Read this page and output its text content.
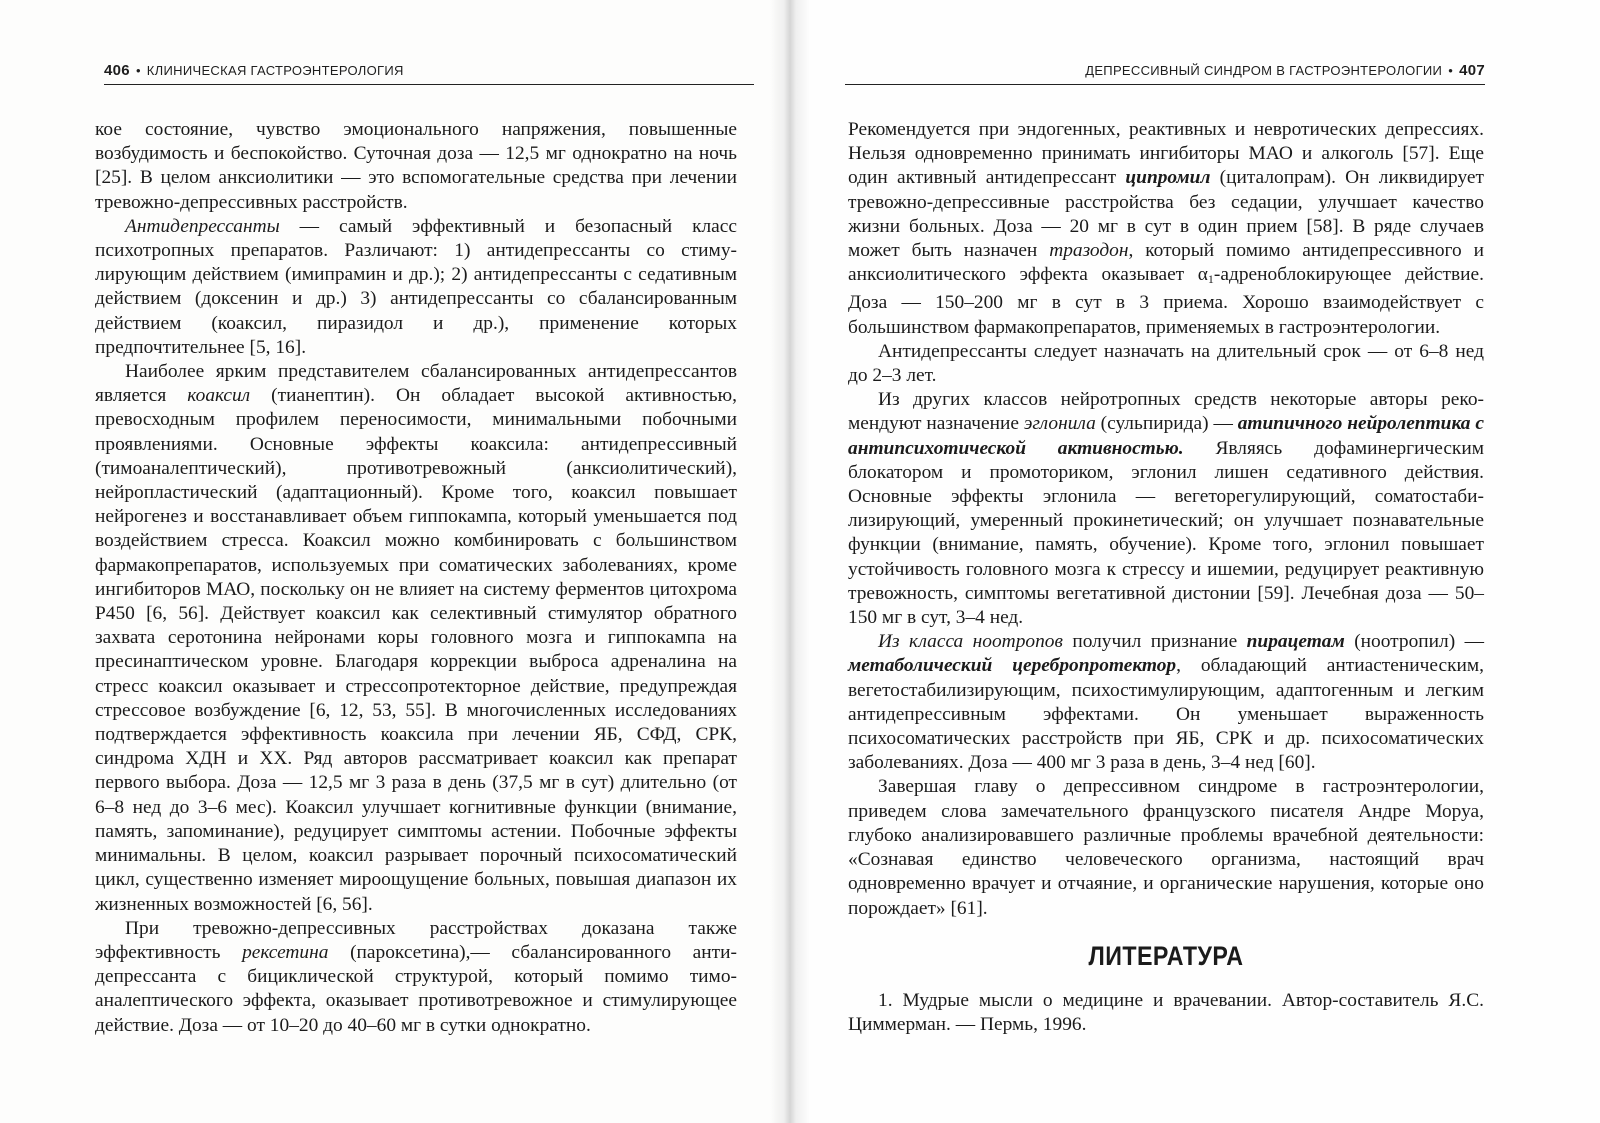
406 • КЛИНИЧЕСКАЯ ГАСТРОЭНТЕРОЛОГИЯ

кое состояние, чувство эмоционального напряжения, повышенные возбудимость и беспокойство. Суточная доза — 12,5 мг однократно на ночь [25]. В целом анксиолитики — это вспомогательные средства при лечении тревожно-депрессивных расстройств.

Антидепрессанты — самый эффективный и безопасный класс психотропных препаратов. Различают: 1) антидепрессанты со стимулирующим действием (имипрамин и др.); 2) антидепрессанты с седативным действием (доксенин и др.) 3) антидепрессанты со сбалансированным действием (коаксил, пиразидол и др.), применение которых предпочтительнее [5, 16].

Наиболее ярким представителем сбалансированных антидепрессантов является коаксил (тианептин). Он обладает высокой активностью, превосходным профилем переносимости, минимальными побочными проявлениями. Основные эффекты коаксила: антидепрессивный (тимоаналептический), противотревожный (анксиолитический), нейропластический (адаптационный). Кроме того, коаксил повышает нейрогенез и восстанавливает объем гиппокампа, который уменьшается под воздействием стресса. Коаксил можно комбинировать с большинством фармакопрепаратов, используемых при соматических заболеваниях, кроме ингибиторов МАО, поскольку он не влияет на систему ферментов цитохрома Р450 [6, 56]. Действует коаксил как селективный стимулятор обратного захвата серотонина нейронами коры головного мозга и гиппокампа на пресинаптическом уровне. Благодаря коррекции выброса адреналина на стресс коаксил оказывает и стрессопротекторное действие, предупреждая стрессовое возбуждение [6, 12, 53, 55]. В многочисленных исследованиях подтверждается эффективность коаксила при лечении ЯБ, СФД, СРК, синдрома ХДН и ХХ. Ряд авторов рассматривает коаксил как препарат первого выбора. Доза — 12,5 мг 3 раза в день (37,5 мг в сут) длительно (от 6–8 нед до 3–6 мес). Коаксил улучшает когнитивные функции (внимание, память, запоминание), редуцирует симптомы астении. Побочные эффекты минимальны. В целом, коаксил разрывает порочный психосоматический цикл, существенно изменяет мироощущение больных, повышая диапазон их жизненных возможностей [6, 56].

При тревожно-депрессивных расстройствах доказана также эффективность рексетина (пароксетина),— сбалансированного антидепрессанта с бициклической структурой, который помимо тимоаналептического эффекта, оказывает противотревожное и стимулирующее действие. Доза — от 10–20 до 40–60 мг в сутки однократно.

ДЕПРЕССИВНЫЙ СИНДРОМ В ГАСТРОЭНТЕРОЛОГИИ • 407

Рекомендуется при эндогенных, реактивных и невротических депрессиях. Нельзя одновременно принимать ингибиторы МАО и алкоголь [57]. Еще один активный антидепрессант ципромил (циталопрам). Он ликвидирует тревожно-депрессивные расстройства без седации, улучшает качество жизни больных. Доза — 20 мг в сут в один прием [58]. В ряде случаев может быть назначен тразодон, который помимо антидепрессивного и анксиолитического эффекта оказывает $\alpha_1$-адреноблокирующее действие. Доза — 150–200 мг в сут в 3 приема. Хорошо взаимодействует с большинством фармакопрепаратов, применяемых в гастроэнтерологии.

Антидепрессанты следует назначать на длительный срок — от 6–8 нед до 2–3 лет.

Из других классов нейротропных средств некоторые авторы рекомендуют назначение эглонила (сульпирида) — атипичного нейролептика с антипсихотической активностью. Являясь дофаминергическим блокатором и промоториком, эглонил лишен седативного действия. Основные эффекты эглонила — вегеторегулирующий, соматостабилизирующий, умеренный прокинетический; он улучшает познавательные функции (внимание, память, обучение). Кроме того, эглонил повышает устойчивость головного мозга к стрессу и ишемии, редуцирует реактивную тревожность, симптомы вегетативной дистонии [59]. Лечебная доза — 50–150 мг в сут, 3–4 нед.

Из класса ноотропов получил признание пирацетам (ноотропил) — метаболический церебропротектор, обладающий антиастеническим, вегетостабилизирующим, психостимулирующим, адаптогенным и легким антидепрессивным эффектами. Он уменьшает выраженность психосоматических расстройств при ЯБ, СРК и др. психосоматических заболеваниях. Доза — 400 мг 3 раза в день, 3–4 нед [60].

Завершая главу о депрессивном синдроме в гастроэнтерологии, приведем слова замечательного французского писателя Андре Моруа, глубоко анализировавшего различные проблемы врачебной деятельности: «Сознавая единство человеческого организма, настоящий врач одновременно врачует и отчаяние, и органические нарушения, которые оно порождает» [61].

ЛИТЕРАТУРА

1. Мудрые мысли о медицине и врачевании. Автор-составитель Я.С. Циммерман. — Пермь, 1996.
